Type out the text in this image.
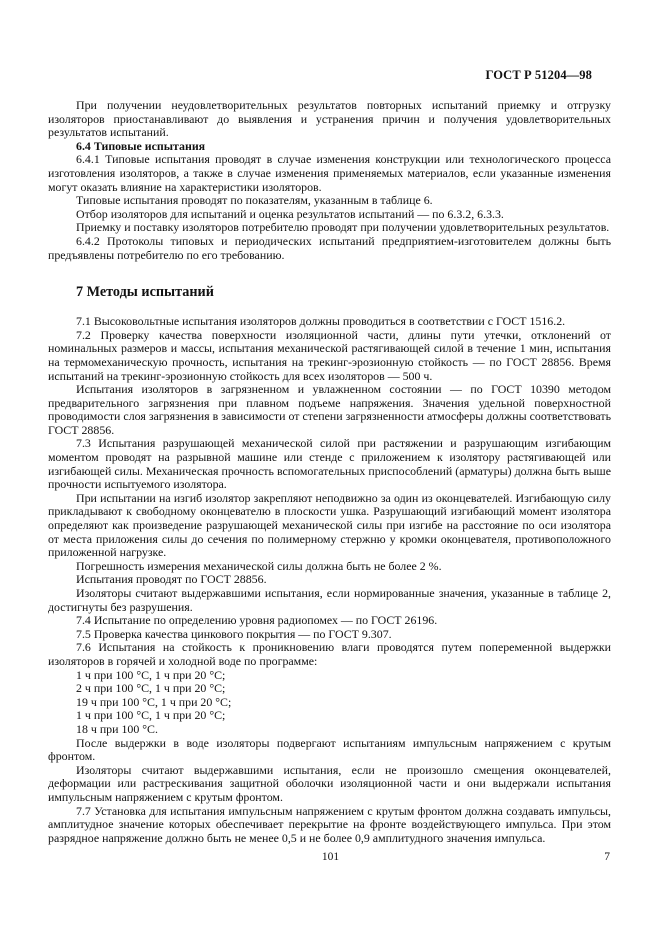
ГОСТ Р 51204—98

При получении неудовлетворительных результатов повторных испытаний приемку и отгрузку изоляторов приостанавливают до выявления и устранения причин и получения удовлетворительных результатов испытаний.

6.4 Типовые испытания

6.4.1 Типовые испытания проводят в случае изменения конструкции или технологического процесса изготовления изоляторов, а также в случае изменения применяемых материалов, если указанные изменения могут оказать влияние на характеристики изоляторов.

Типовые испытания проводят по показателям, указанным в таблице 6.

Отбор изоляторов для испытаний и оценка результатов испытаний — по 6.3.2, 6.3.3.

Приемку и поставку изоляторов потребителю проводят при получении удовлетворительных результатов.

6.4.2 Протоколы типовых и периодических испытаний предприятием-изготовителем должны быть предъявлены потребителю по его требованию.

7 Методы испытаний

7.1 Высоковольтные испытания изоляторов должны проводиться в соответствии с ГОСТ 1516.2.

7.2 Проверку качества поверхности изоляционной части, длины пути утечки, отклонений от номинальных размеров и массы, испытания механической растягивающей силой в течение 1 мин, испытания на термомеханическую прочность, испытания на трекинг-эрозионную стойкость — по ГОСТ 28856. Время испытаний на трекинг-эрозионную стойкость для всех изоляторов — 500 ч.

Испытания изоляторов в загрязненном и увлажненном состоянии — по ГОСТ 10390 методом предварительного загрязнения при плавном подъеме напряжения. Значения удельной поверхностной проводимости слоя загрязнения в зависимости от степени загрязненности атмосферы должны соответствовать ГОСТ 28856.

7.3 Испытания разрушающей механической силой при растяжении и разрушающим изгибающим моментом проводят на разрывной машине или стенде с приложением к изолятору растягивающей или изгибающей силы. Механическая прочность вспомогательных приспособлений (арматуры) должна быть выше прочности испытуемого изолятора.

При испытании на изгиб изолятор закрепляют неподвижно за один из оконцевателей. Изгибающую силу прикладывают к свободному оконцевателю в плоскости ушка. Разрушающий изгибающий момент изолятора определяют как произведение разрушающей механической силы при изгибе на расстояние по оси изолятора от места приложения силы до сечения по полимерному стержню у кромки оконцевателя, противоположного приложенной нагрузке.

Погрешность измерения механической силы должна быть не более 2 %.

Испытания проводят по ГОСТ 28856.

Изоляторы считают выдержавшими испытания, если нормированные значения, указанные в таблице 2, достигнуты без разрушения.

7.4 Испытание по определению уровня радиопомех — по ГОСТ 26196.

7.5 Проверка качества цинкового покрытия — по ГОСТ 9.307.

7.6 Испытания на стойкость к проникновению влаги проводятся путем попеременной выдержки изоляторов в горячей и холодной воде по программе:

1 ч при 100 °С, 1 ч при 20 °С;

2 ч при 100 °С, 1 ч при 20 °С;

19 ч при 100 °С, 1 ч при 20 °С;

1 ч при 100 °С, 1 ч при 20 °С;

18 ч при 100 °С.

После выдержки в воде изоляторы подвергают испытаниям импульсным напряжением с крутым фронтом.

Изоляторы считают выдержавшими испытания, если не произошло смещения оконцевателей, деформации или растрескивания защитной оболочки изоляционной части и они выдержали испытания импульсным напряжением с крутым фронтом.

7.7 Установка для испытания импульсным напряжением с крутым фронтом должна создавать импульсы, амплитудное значение которых обеспечивает перекрытие на фронте воздействующего импульса. При этом разрядное напряжение должно быть не менее 0,5 и не более 0,9 амплитудного значения импульса.

101	7
